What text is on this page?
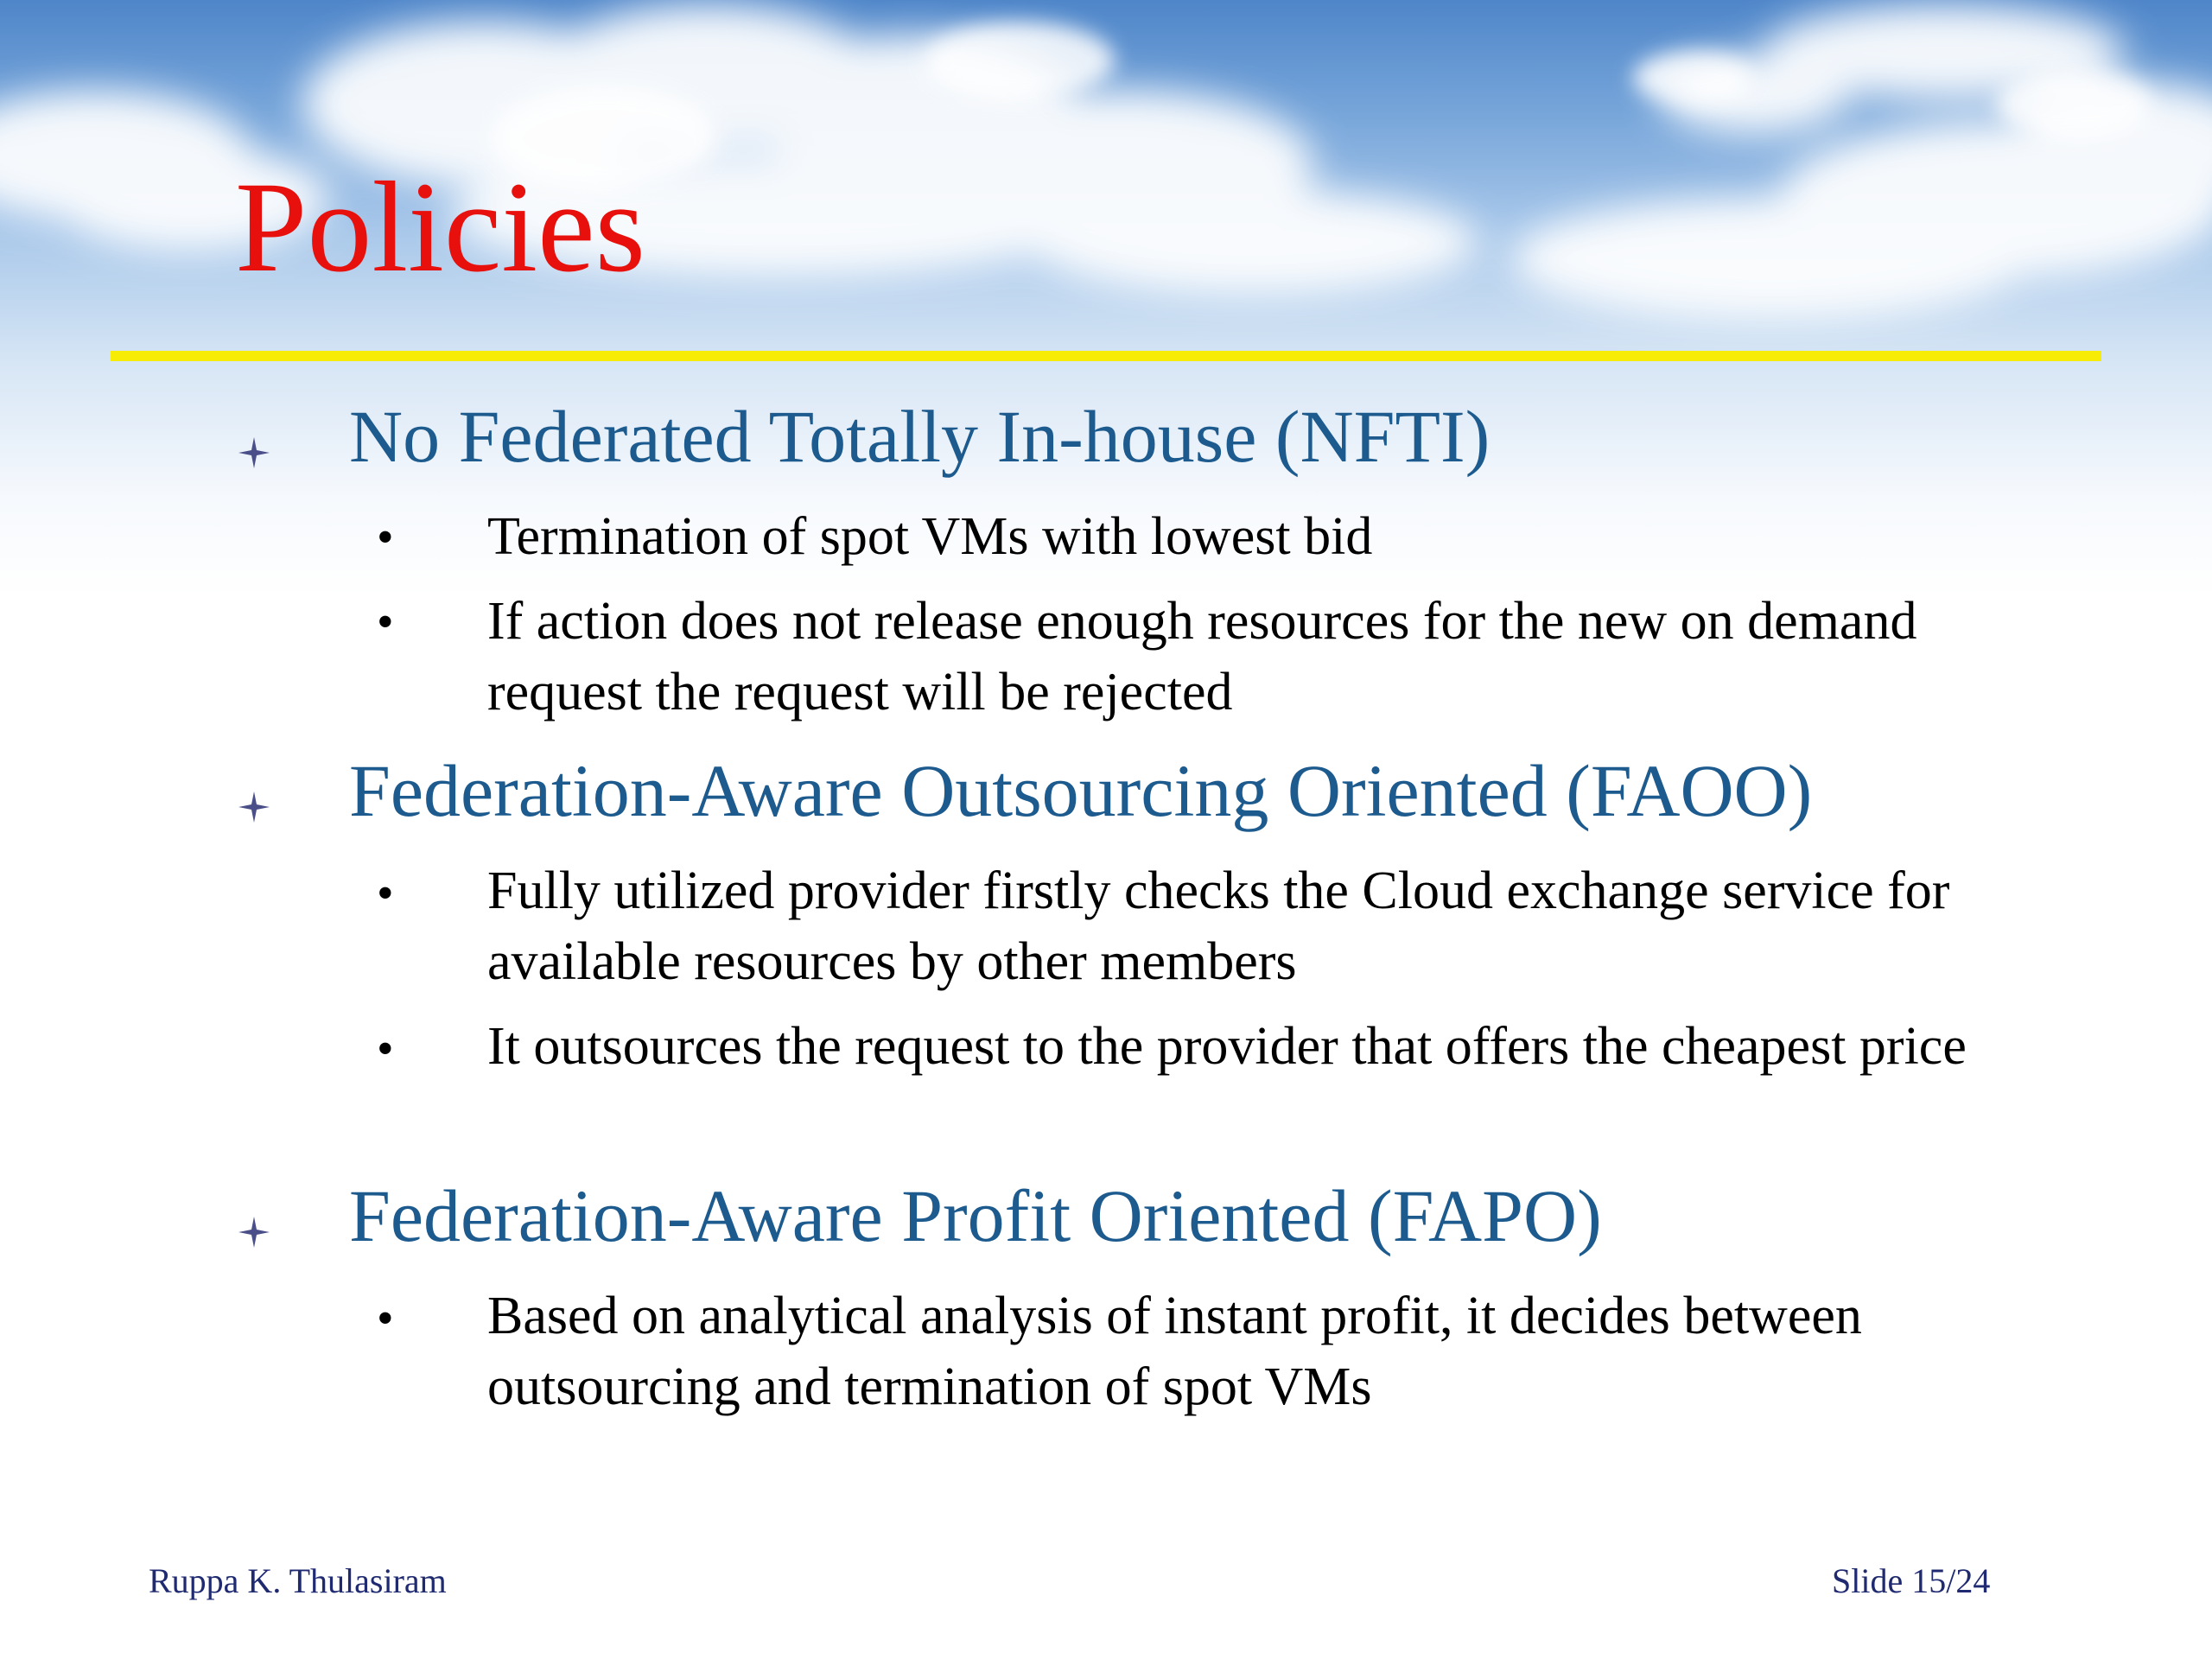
Policies
No Federated Totally In-house (NFTI)
• Termination of spot VMs with lowest bid
• If action does not release enough resources for the new on demand request the request will be rejected
Federation-Aware Outsourcing Oriented (FAOO)
• Fully utilized provider firstly checks the Cloud exchange service for available resources by other members
• It outsources the request to the provider that offers the cheapest price
Federation-Aware Profit Oriented (FAPO)
• Based on analytical analysis of instant profit, it decides between outsourcing and termination of spot VMs
Ruppa K. Thulasiram	Slide 15/24
